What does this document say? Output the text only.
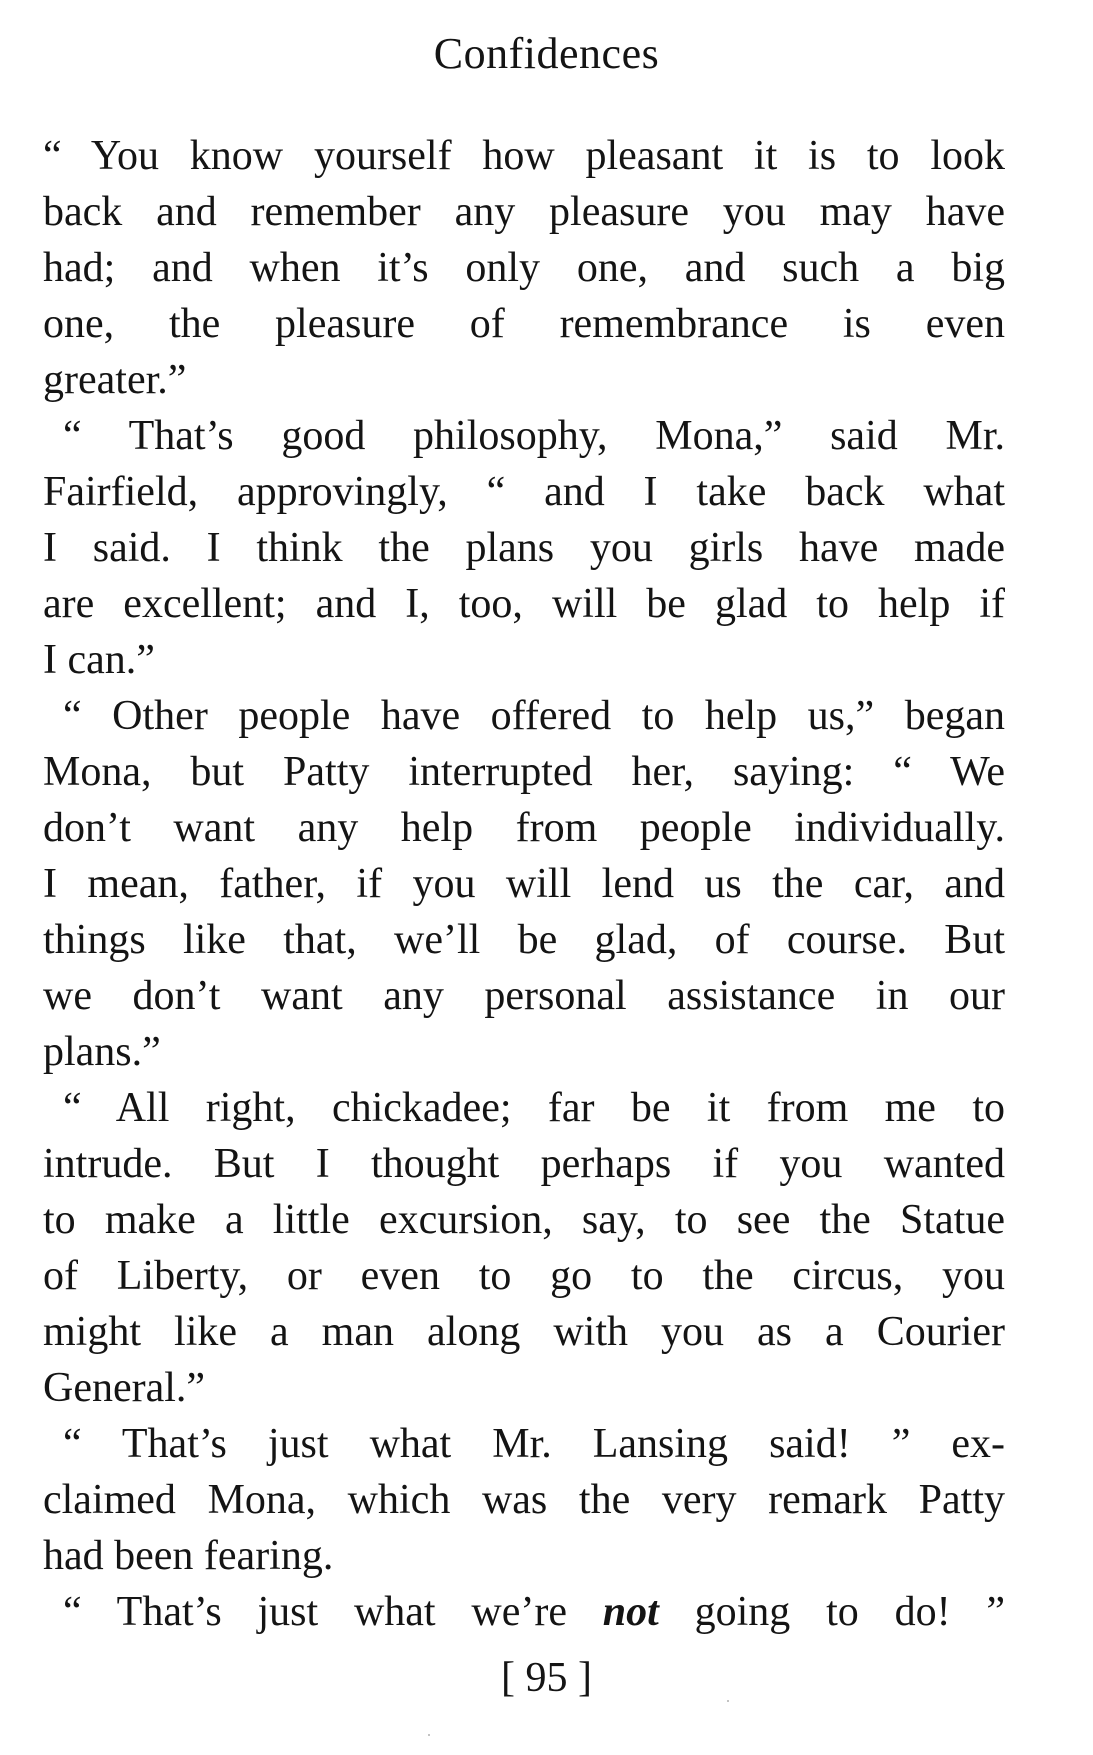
Confidences
“ You know yourself how pleasant it is to look
back and remember any pleasure you may have
had; and when it’s only one, and such a big
one, the pleasure of remembrance is even
greater.”
“ That’s good philosophy, Mona,” said Mr.
Fairfield, approvingly, “ and I take back what
I said. I think the plans you girls have made
are excellent; and I, too, will be glad to help if
I can.”
“ Other people have offered to help us,” began
Mona, but Patty interrupted her, saying: “ We
don’t want any help from people individually.
I mean, father, if you will lend us the car, and
things like that, we’ll be glad, of course. But
we don’t want any personal assistance in our
plans.”
“ All right, chickadee; far be it from me to
intrude. But I thought perhaps if you wanted
to make a little excursion, say, to see the Statue
of Liberty, or even to go to the circus, you
might like a man along with you as a Courier
General.”
“ That’s just what Mr. Lansing said! ” ex-
claimed Mona, which was the very remark Patty
had been fearing.
“ That’s just what we’re not going to do! ”
[ 95 ]
